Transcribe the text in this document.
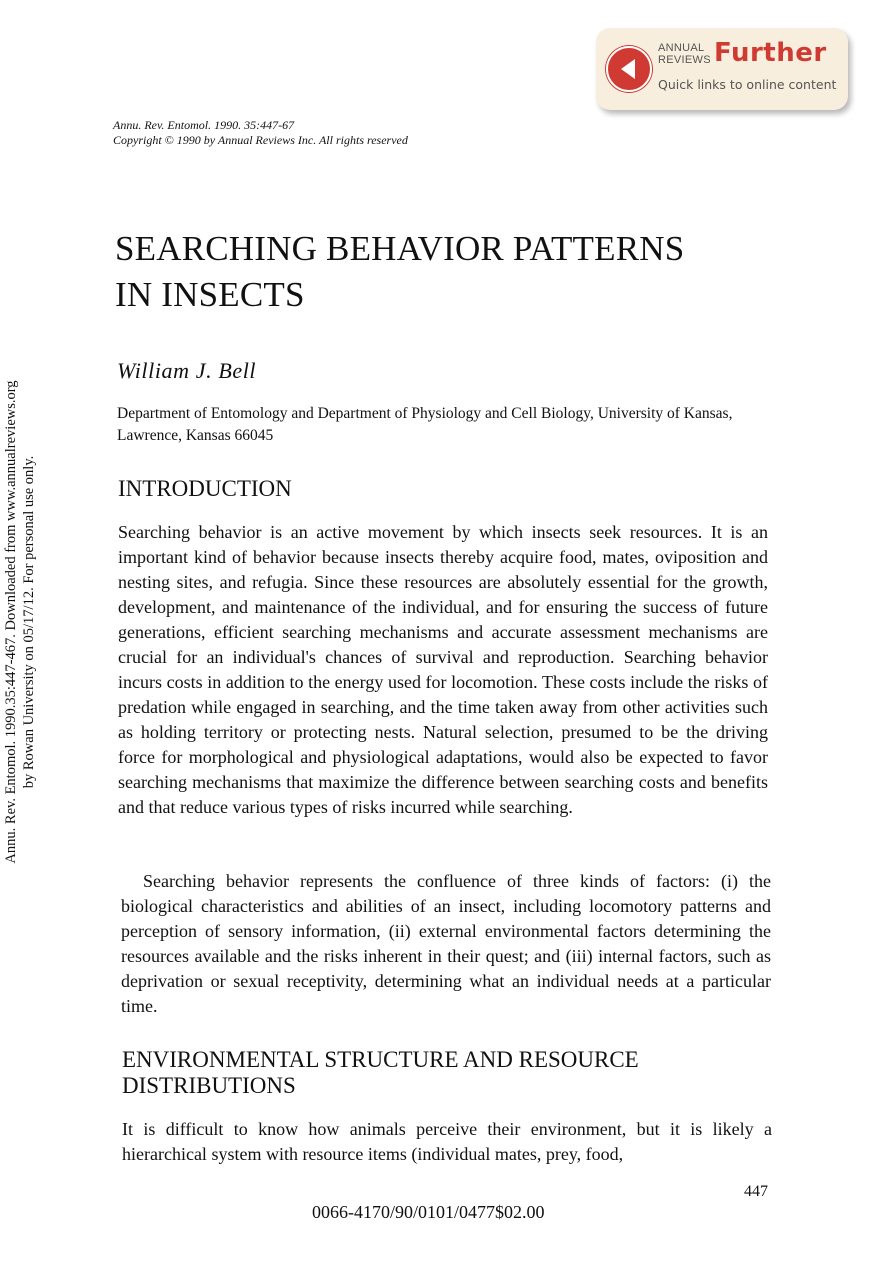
ANNUAL
REVIEWS Further
Quick links to online content
Annu. Rev. Entomol. 1990. 35:447-67
Copyright © 1990 by Annual Reviews Inc. All rights reserved
SEARCHING BEHAVIOR PATTERNS
IN INSECTS
William J. Bell
Department of Entomology and Department of Physiology and Cell Biology, University of Kansas, Lawrence, Kansas 66045
INTRODUCTION

Searching behavior is an active movement by which insects seek resources. It is an important kind of behavior because insects thereby acquire food, mates, oviposition and nesting sites, and refugia. Since these resources are absolutely essential for the growth, development, and maintenance of the individual, and for ensuring the success of future generations, efficient searching mechanisms and accurate assessment mechanisms are crucial for an individual's chances of survival and reproduction. Searching behavior incurs costs in addition to the energy used for locomotion. These costs include the risks of predation while engaged in searching, and the time taken away from other activities such as holding territory or protecting nests. Natural selection, presumed to be the driving force for morphological and physiological adaptations, would also be expected to favor searching mechanisms that maximize the difference between searching costs and benefits and that reduce various types of risks incurred while searching.

Searching behavior represents the confluence of three kinds of factors: (i) the biological characteristics and abilities of an insect, including locomotory patterns and perception of sensory information, (ii) external environmental factors determining the resources available and the risks inherent in their quest; and (iii) internal factors, such as deprivation or sexual receptivity, determining what an individual needs at a particular time.

ENVIRONMENTAL STRUCTURE AND RESOURCE
DISTRIBUTIONS

It is difficult to know how animals perceive their environment, but it is likely a hierarchical system with resource items (individual mates, prey, food,

447
0066-4170/90/0101/0477$02.00
Annu. Rev. Entomol. 1990.35:447-467. Downloaded from www.annualreviews.org by Rowan University on 05/17/12. For personal use only.
